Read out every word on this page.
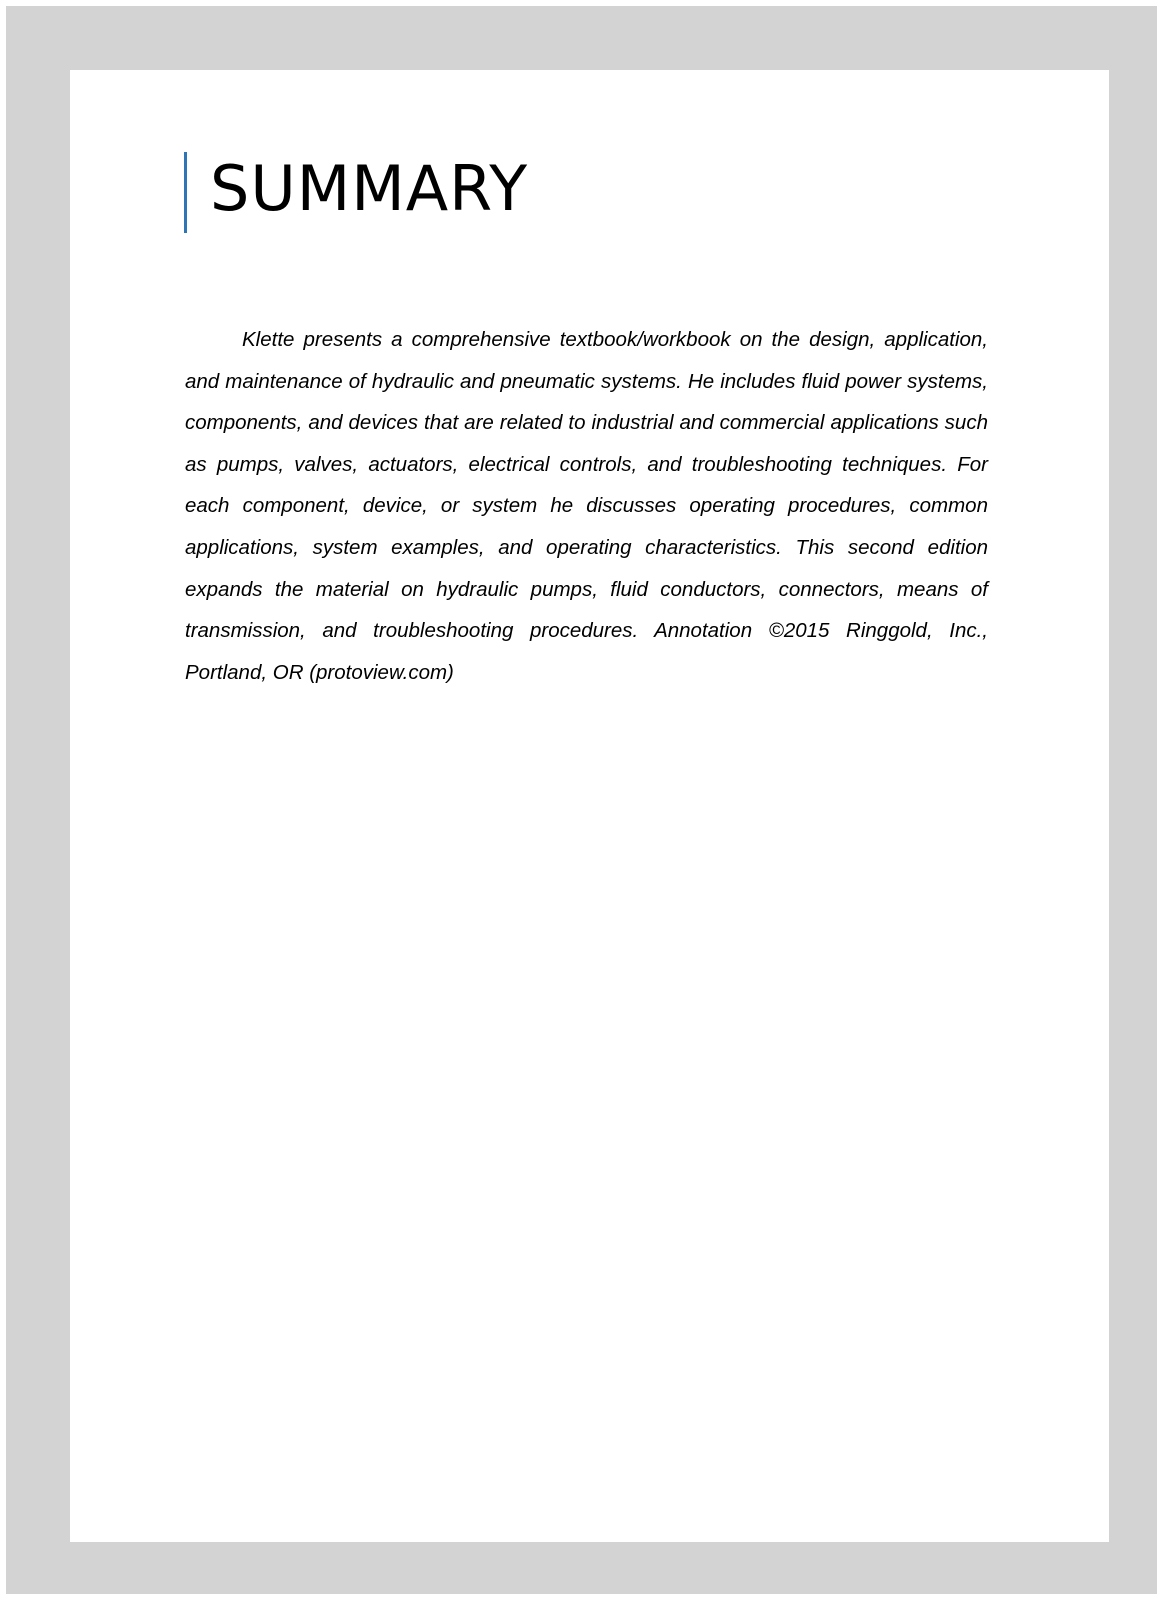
SUMMARY

Klette presents a comprehensive textbook/workbook on the design, application, and maintenance of hydraulic and pneumatic systems. He includes fluid power systems, components, and devices that are related to industrial and commercial applications such as pumps, valves, actuators, electrical controls, and troubleshooting techniques. For each component, device, or system he discusses operating procedures, common applications, system examples, and operating characteristics. This second edition expands the material on hydraulic pumps, fluid conductors, connectors, means of transmission, and troubleshooting procedures. Annotation ©2015 Ringgold, Inc., Portland, OR (protoview.com)
